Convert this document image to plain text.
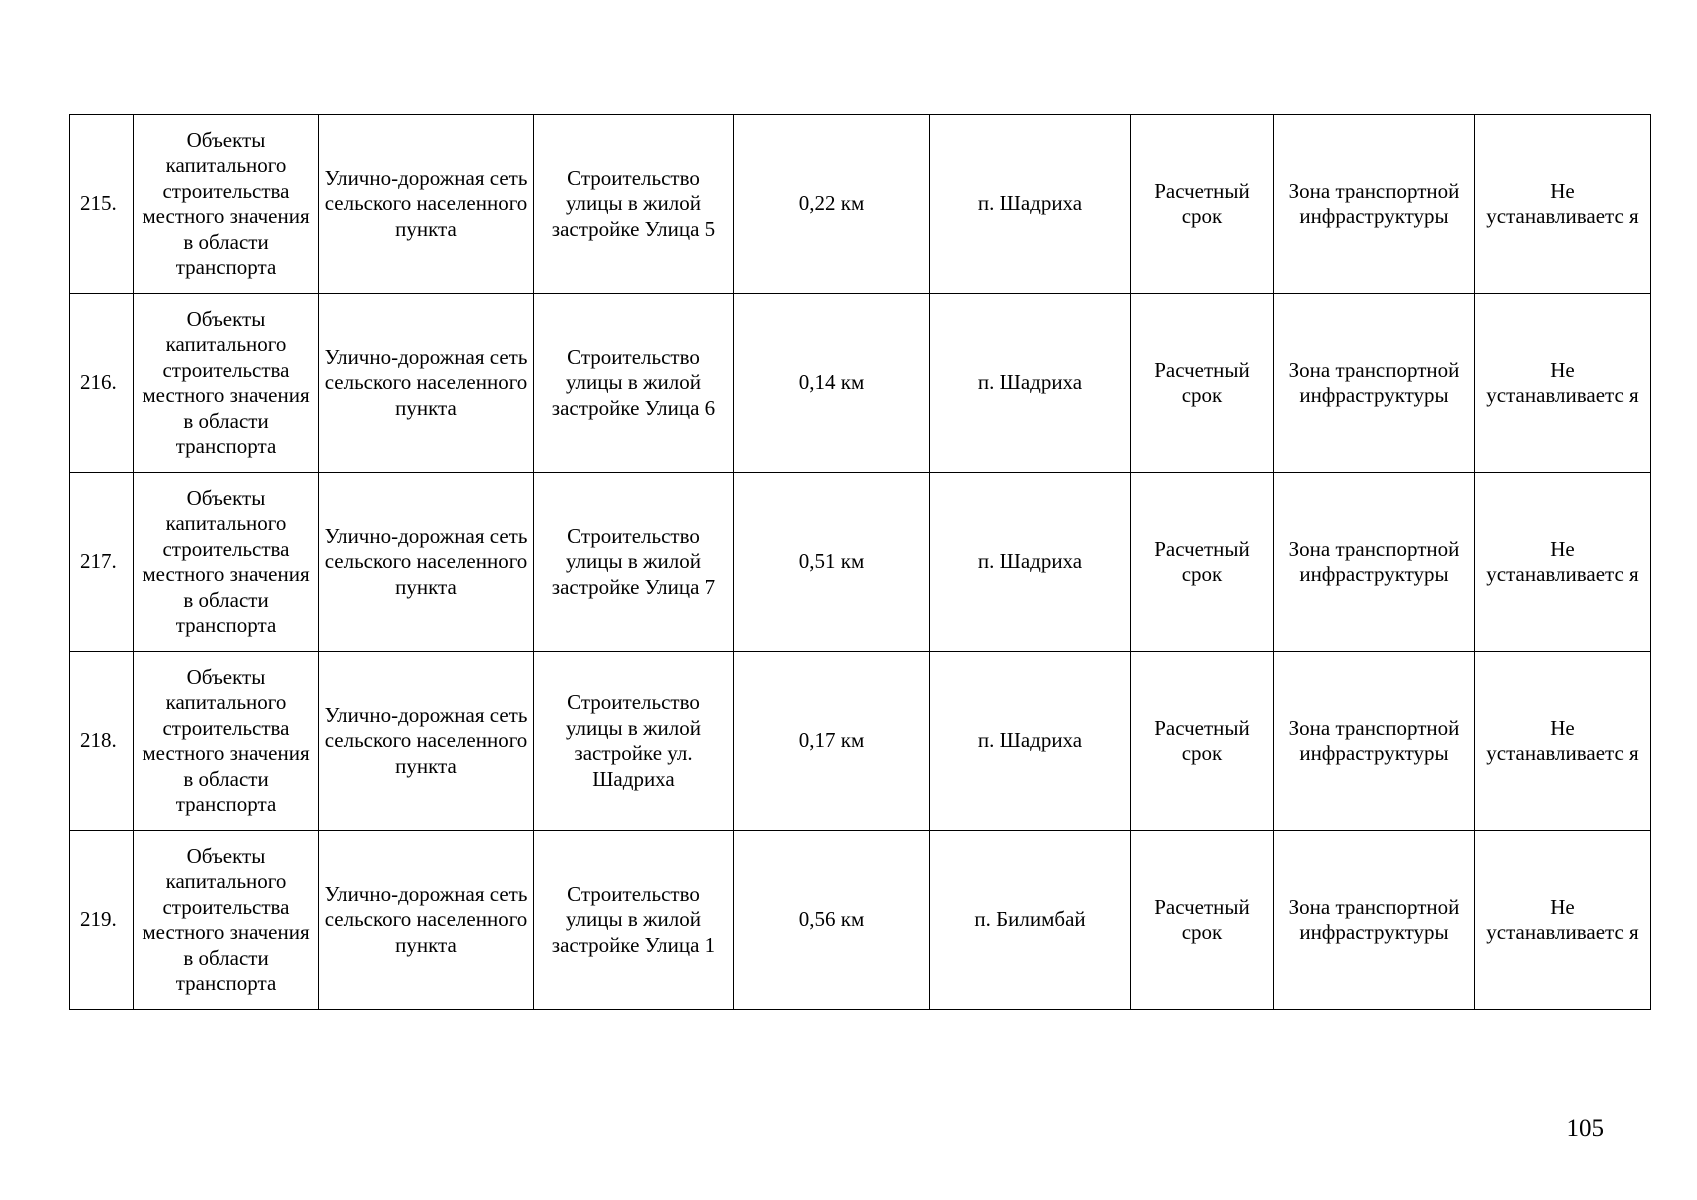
215.	Объекты капитального строительства местного значения в области транспорта	Улично-дорожная сеть сельского населенного пункта	Строительство улицы в жилой застройке Улица 5	0,22 км	п. Шадриха	Расчетный срок	Зона транспортной инфраструктуры	Не устанавливаетс я

216.	Объекты капитального строительства местного значения в области транспорта	Улично-дорожная сеть сельского населенного пункта	Строительство улицы в жилой застройке Улица 6	0,14 км	п. Шадриха	Расчетный срок	Зона транспортной инфраструктуры	Не устанавливаетс я

217.	Объекты капитального строительства местного значения в области транспорта	Улично-дорожная сеть сельского населенного пункта	Строительство улицы в жилой застройке Улица 7	0,51 км	п. Шадриха	Расчетный срок	Зона транспортной инфраструктуры	Не устанавливаетс я

218.	Объекты капитального строительства местного значения в области транспорта	Улично-дорожная сеть сельского населенного пункта	Строительство улицы в жилой застройке ул. Шадриха	0,17 км	п. Шадриха	Расчетный срок	Зона транспортной инфраструктуры	Не устанавливаетс я

219.	Объекты капитального строительства местного значения в области транспорта	Улично-дорожная сеть сельского населенного пункта	Строительство улицы в жилой застройке Улица 1	0,56 км	п. Билимбай	Расчетный срок	Зона транспортной инфраструктуры	Не устанавливаетс я
105
